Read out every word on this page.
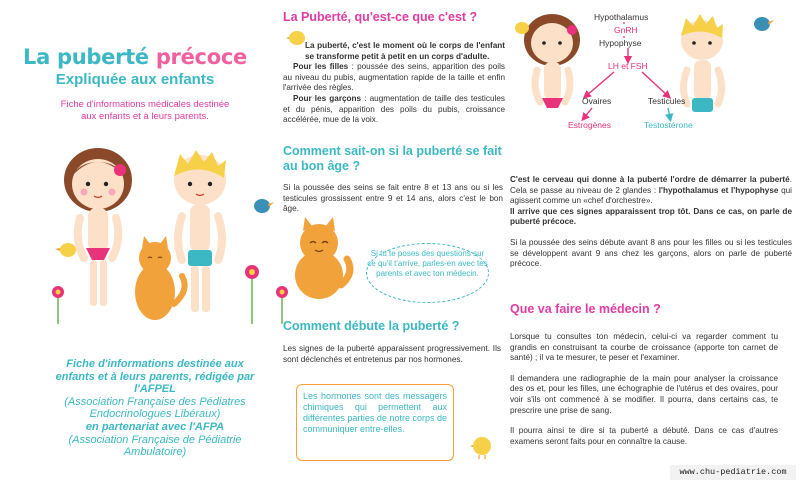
La puberté précoce
Expliquée aux enfants
Fiche d'informations médicales destinée aux enfants et à leurs parents.
Fiche d'informations destinée aux enfants et à leurs parents, rédigée par l'AFPEL
(Association Française des Pédiatres Endocrinologues Libéraux)
en partenariat avec l'AFPA
(Association Française de Pédiatrie Ambulatoire)
La Puberté, qu'est-ce que c'est ?
La puberté, c'est le moment où le corps de l'enfant se transforme petit à petit en un corps d'adulte.
Pour les filles : poussée des seins, apparition des poils au niveau du pubis, augmentation rapide de la taille et enfin l'arrivée des règles.
Pour les garçons : augmentation de taille des testicules et du pénis, apparition des poils du pubis, croissance accélérée, mue de la voix.
Comment sait-on si la puberté se fait au bon âge ?
Si la poussée des seins se fait entre 8 et 13 ans ou si les testicules grossissent entre 9 et 14 ans, alors c'est le bon âge.
Si tu te poses des questions sur ce qu'il t'arrive, parles-en avec tes parents et avec ton médecin.
Comment débute la puberté ?
Les signes de la puberté apparaissent progressivement. Ils sont déclenchés et entretenus par nos hormones.
Les hormones sont des messagers chimiques qui permettent aux différentes parties de notre corps de communiquer entre-elles.
Hypothalamus
GnRH
Hypophyse
LH et FSH
Ovaires	Testicules
Estrogènes	Testostérone
C'est le cerveau qui donne à la puberté l'ordre de démarrer la puberté. Cela se passe au niveau de 2 glandes : l'hypothalamus et l'hypophyse qui agissent comme un «chef d'orchestre».
Il arrive que ces signes apparaissent trop tôt. Dans ce cas, on parle de puberté précoce.
Si la poussée des seins débute avant 8 ans pour les filles ou si les testicules se développent avant 9 ans chez les garçons, alors on parle de puberté précoce.
Que va faire le médecin ?
Lorsque tu consultes ton médecin, celui-ci va regarder comment tu grandis en construisant ta courbe de croissance (apporte ton carnet de santé) ; il va te mesurer, te peser et l'examiner.
Il demandera une radiographie de la main pour analyser la croissance des os et, pour les filles, une échographie de l'utérus et des ovaires, pour voir s'ils ont commencé à se modifier. Il pourra, dans certains cas, te prescrire une prise de sang.
Il pourra ainsi te dire si ta puberté a débuté. Dans ce cas d'autres examens seront faits pour en connaître la cause.
www.chu-pediatrie.com
